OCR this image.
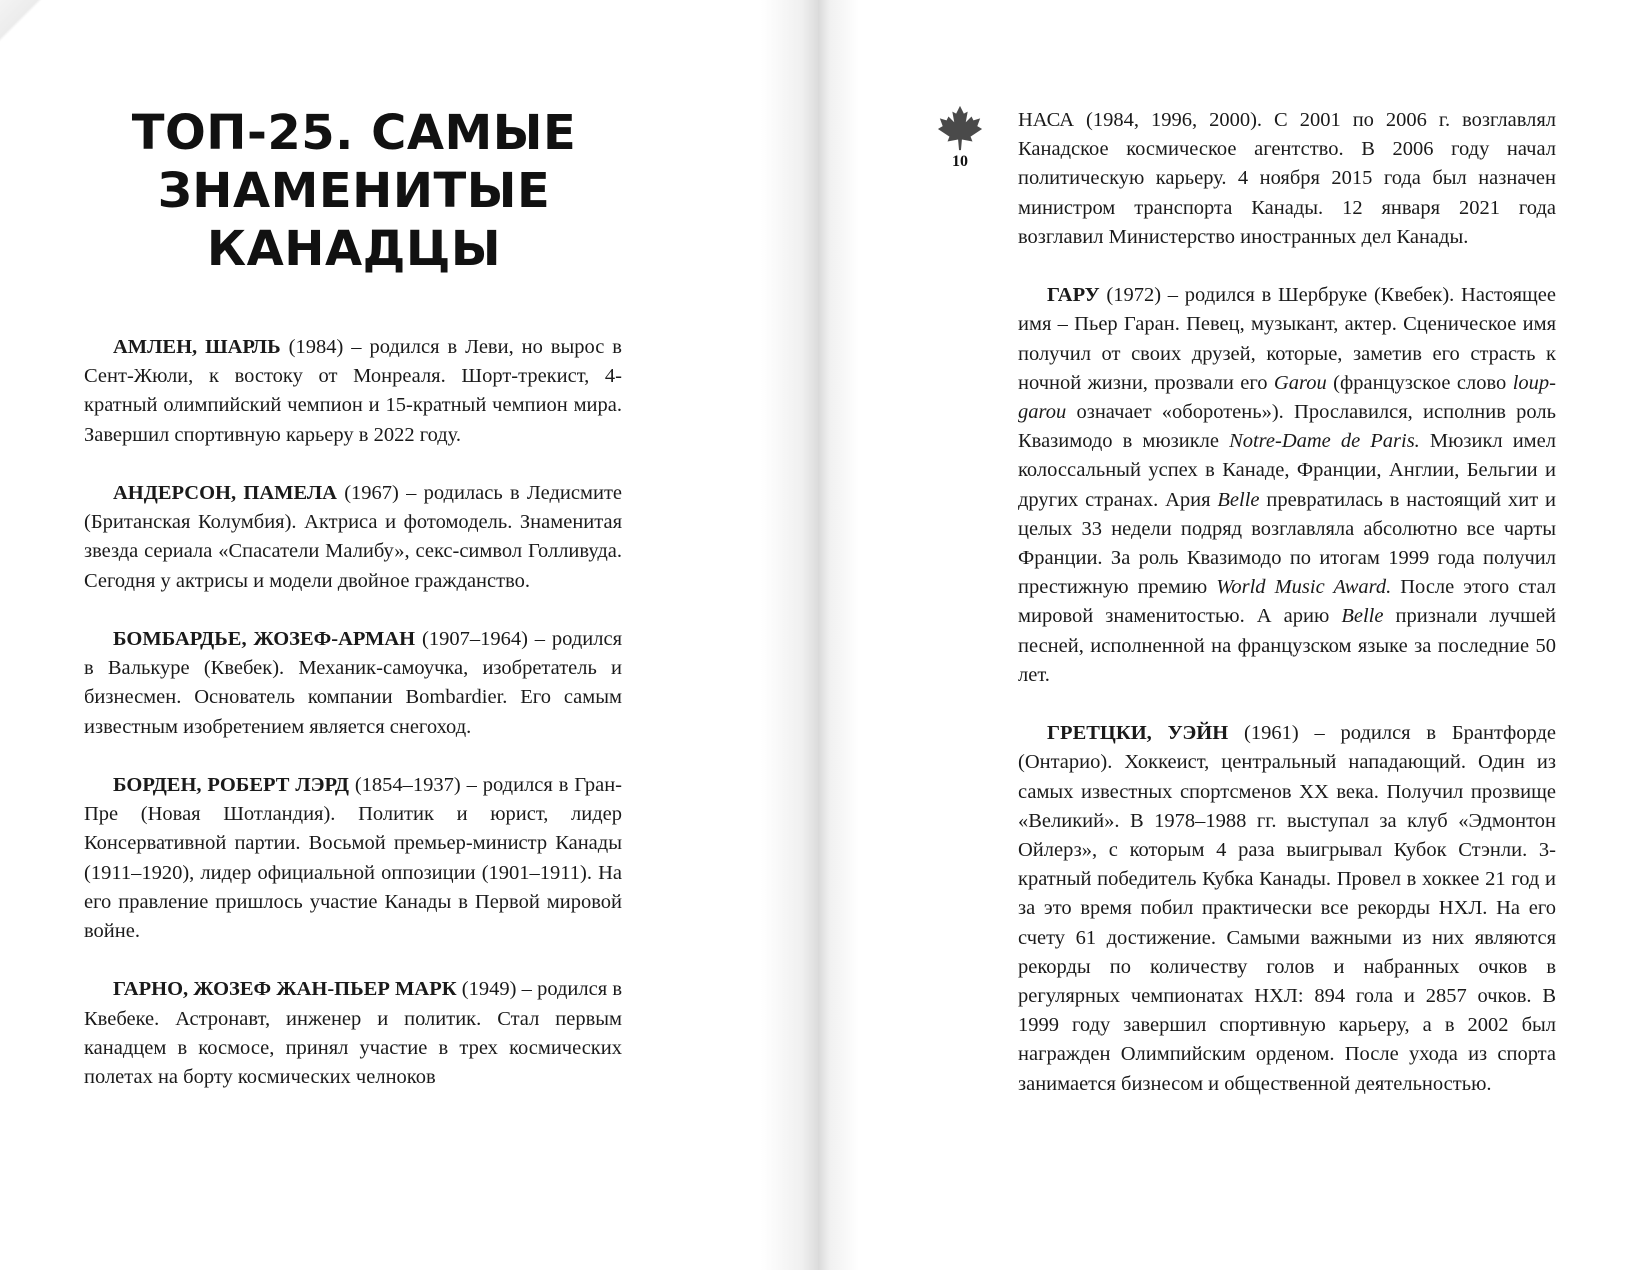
ТОП-25. САМЫЕ
ЗНАМЕНИТЫЕ
КАНАДЦЫ

АМЛЕН, ШАРЛЬ (1984) – родился в Леви, но вырос в Сент-Жюли, к востоку от Монреаля. Шорт-трекист, 4-кратный олимпийский чемпион и 15-кратный чемпион мира. Завершил спортивную карьеру в 2022 году.

АНДЕРСОН, ПАМЕЛА (1967) – родилась в Ледисмите (Британская Колумбия). Актриса и фотомодель. Знаменитая звезда сериала «Спасатели Малибу», секс-символ Голливуда. Сегодня у актрисы и модели двойное гражданство.

БОМБАРДЬЕ, ЖОЗЕФ-АРМАН (1907–1964) – родился в Валькуре (Квебек). Механик-самоучка, изобретатель и бизнесмен. Основатель компании Bombardier. Его самым известным изобретением является снегоход.

БОРДЕН, РОБЕРТ ЛЭРД (1854–1937) – родился в Гран-Пре (Новая Шотландия). Политик и юрист, лидер Консервативной партии. Восьмой премьер-министр Канады (1911–1920), лидер официальной оппозиции (1901–1911). На его правление пришлось участие Канады в Первой мировой войне.

ГАРНО, ЖОЗЕФ ЖАН-ПЬЕР МАРК (1949) – родился в Квебеке. Астронавт, инженер и политик. Стал первым канадцем в космосе, принял участие в трех космических полетах на борту космических челноков

10

НАСА (1984, 1996, 2000). С 2001 по 2006 г. возглавлял Канадское космическое агентство. В 2006 году начал политическую карьеру. 4 ноября 2015 года был назначен министром транспорта Канады. 12 января 2021 года возглавил Министерство иностранных дел Канады.

ГАРУ (1972) – родился в Шербруке (Квебек). Настоящее имя – Пьер Гаран. Певец, музыкант, актер. Сценическое имя получил от своих друзей, которые, заметив его страсть к ночной жизни, прозвали его Garou (французское слово loup-garou означает «оборотень»). Прославился, исполнив роль Квазимодо в мюзикле Notre-Dame de Paris. Мюзикл имел колоссальный успех в Канаде, Франции, Англии, Бельгии и других странах. Ария Belle превратилась в настоящий хит и целых 33 недели подряд возглавляла абсолютно все чарты Франции. За роль Квазимодо по итогам 1999 года получил престижную премию World Music Award. После этого стал мировой знаменитостью. А арию Belle признали лучшей песней, исполненной на французском языке за последние 50 лет.

ГРЕТЦКИ, УЭЙН (1961) – родился в Брантфорде (Онтарио). Хоккеист, центральный нападающий. Один из самых известных спортсменов XX века. Получил прозвище «Великий». В 1978–1988 гг. выступал за клуб «Эдмонтон Ойлерз», с которым 4 раза выигрывал Кубок Стэнли. 3-кратный победитель Кубка Канады. Провел в хоккее 21 год и за это время побил практически все рекорды НХЛ. На его счету 61 достижение. Самыми важными из них являются рекорды по количеству голов и набранных очков в регулярных чемпионатах НХЛ: 894 гола и 2857 очков. В 1999 году завершил спортивную карьеру, а в 2002 был награжден Олимпийским орденом. После ухода из спорта занимается бизнесом и общественной деятельностью.
